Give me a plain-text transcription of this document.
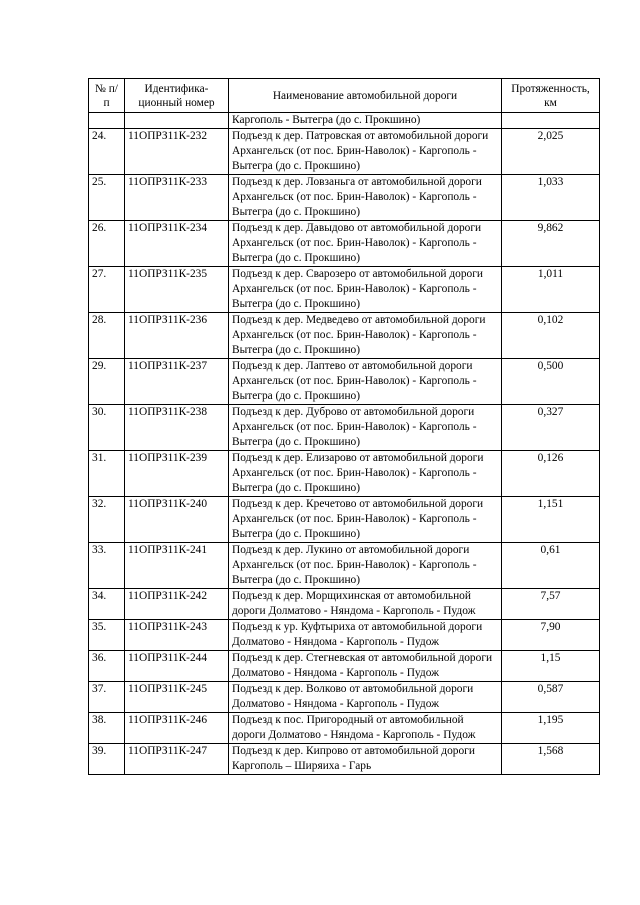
№ п/п	Идентифика-ционный номер	Наименование автомобильной дороги	Протяженность, км
		Каргополь - Вытегра (до с. Прокшино)	
24.	11ОПРЗ11К-232	Подъезд к дер. Патровская от автомобильной дороги Архангельск (от пос. Брин-Наволок) - Каргополь - Вытегра (до с. Прокшино)	2,025
25.	11ОПРЗ11К-233	Подъезд к дер. Ловзаньга от автомобильной дороги Архангельск (от пос. Брин-Наволок) - Каргополь - Вытегра (до с. Прокшино)	1,033
26.	11ОПРЗ11К-234	Подъезд к дер. Давыдово от автомобильной дороги Архангельск (от пос. Брин-Наволок) - Каргополь - Вытегра (до с. Прокшино)	9,862
27.	11ОПРЗ11К-235	Подъезд к дер. Сварозеро от автомобильной дороги Архангельск (от пос. Брин-Наволок) - Каргополь - Вытегра (до с. Прокшино)	1,011
28.	11ОПРЗ11К-236	Подъезд к дер. Медведево от автомобильной дороги Архангельск (от пос. Брин-Наволок) - Каргополь - Вытегра (до с. Прокшино)	0,102
29.	11ОПРЗ11К-237	Подъезд к дер. Лаптево от автомобильной дороги Архангельск (от пос. Брин-Наволок) - Каргополь - Вытегра (до с. Прокшино)	0,500
30.	11ОПРЗ11К-238	Подъезд к дер. Дуброво от автомобильной дороги Архангельск (от пос. Брин-Наволок) - Каргополь - Вытегра (до с. Прокшино)	0,327
31.	11ОПРЗ11К-239	Подъезд к дер. Елизарово от автомобильной дороги Архангельск (от пос. Брин-Наволок) - Каргополь - Вытегра (до с. Прокшино)	0,126
32.	11ОПРЗ11К-240	Подъезд к дер. Кречетово от автомобильной дороги Архангельск (от пос. Брин-Наволок) - Каргополь - Вытегра (до с. Прокшино)	1,151
33.	11ОПРЗ11К-241	Подъезд к дер. Лукино от автомобильной дороги Архангельск (от пос. Брин-Наволок) - Каргополь - Вытегра (до с. Прокшино)	0,61
34.	11ОПРЗ11К-242	Подъезд к дер. Морщихинская от автомобильной дороги Долматово - Няндома - Каргополь - Пудож	7,57
35.	11ОПРЗ11К-243	Подъезд к ур. Куфтыриха от автомобильной дороги Долматово - Няндома - Каргополь - Пудож	7,90
36.	11ОПРЗ11К-244	Подъезд к дер. Стегневская от автомобильной дороги Долматово - Няндома - Каргополь - Пудож	1,15
37.	11ОПРЗ11К-245	Подъезд к дер. Волково от автомобильной дороги Долматово - Няндома - Каргополь - Пудож	0,587
38.	11ОПРЗ11К-246	Подъезд к пос. Пригородный от автомобильной дороги Долматово - Няндома - Каргополь - Пудож	1,195
39.	11ОПРЗ11К-247	Подъезд к дер. Кипрово от автомобильной дороги Каргополь – Ширяиха - Гарь	1,568
